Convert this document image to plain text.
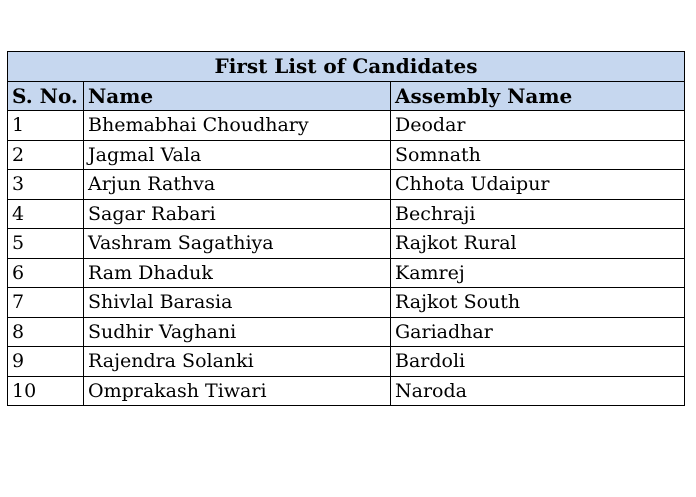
First List of Candidates		
S. No.	Name	Assembly Name
1	Bhemabhai Choudhary	Deodar
2	Jagmal Vala	Somnath
3	Arjun Rathva	Chhota Udaipur
4	Sagar Rabari	Bechraji
5	Vashram Sagathiya	Rajkot Rural
6	Ram Dhaduk	Kamrej
7	Shivlal Barasia	Rajkot South
8	Sudhir Vaghani	Gariadhar
9	Rajendra Solanki	Bardoli
10	Omprakash Tiwari	Naroda
